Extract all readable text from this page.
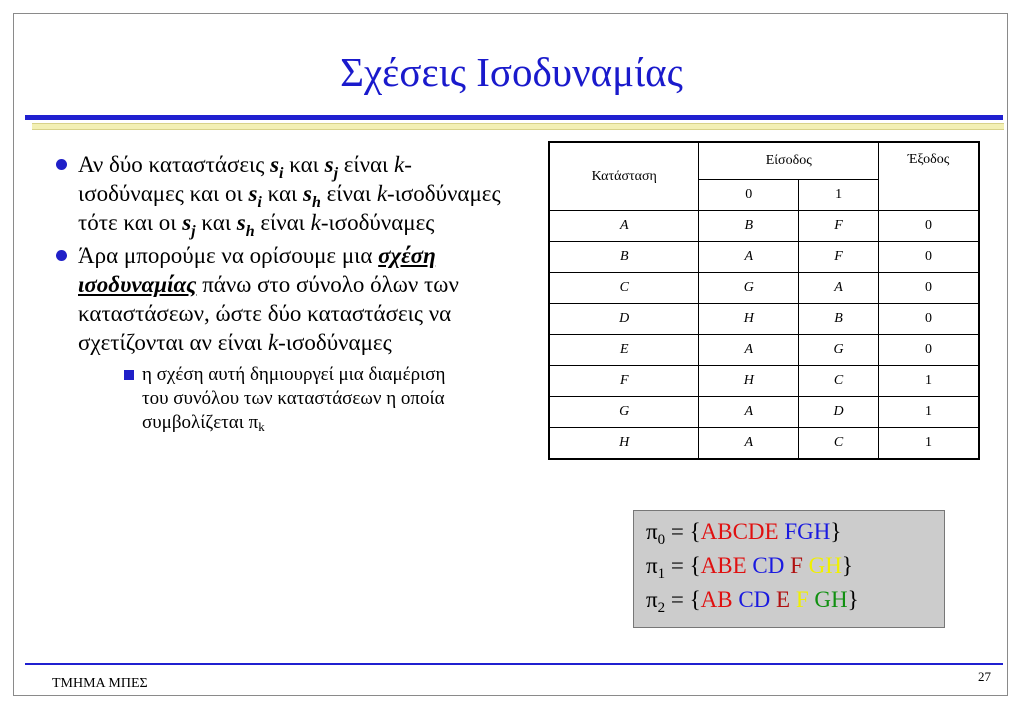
Σχέσεις Ισοδυναμίας
Αν δύο καταστάσεις $s_i$ και $s_j$ είναι k-ισοδύναμες και οι $s_i$ και $s_h$ είναι k-ισοδύναμες τότε και οι $s_j$ και $s_h$ είναι k-ισοδύναμες
Άρα μπορούμε να ορίσουμε μια σχέση ισοδυναμίας πάνω στο σύνολο όλων των καταστάσεων, ώστε δύο καταστάσεις να σχετίζονται αν είναι k-ισοδύναμες
η σχέση αυτή δημιουργεί μια διαμέριση του συνόλου των καταστάσεων η οποία συμβολίζεται $\pi_k$
Κατάσταση	Είσοδος		Έξοδος
	0	1	
A	B	F	0
B	A	F	0
C	G	A	0
D	H	B	0
E	A	G	0
F	H	C	1
G	A	D	1
H	A	C	1
$\pi_0$ = {ABCDE FGH}
$\pi_1 = \{ABE$ CD F GH}
$\pi_2 = \{AB$ CD E F GH}
ΤΜΗΜΑ ΜΠΕΣ	27
